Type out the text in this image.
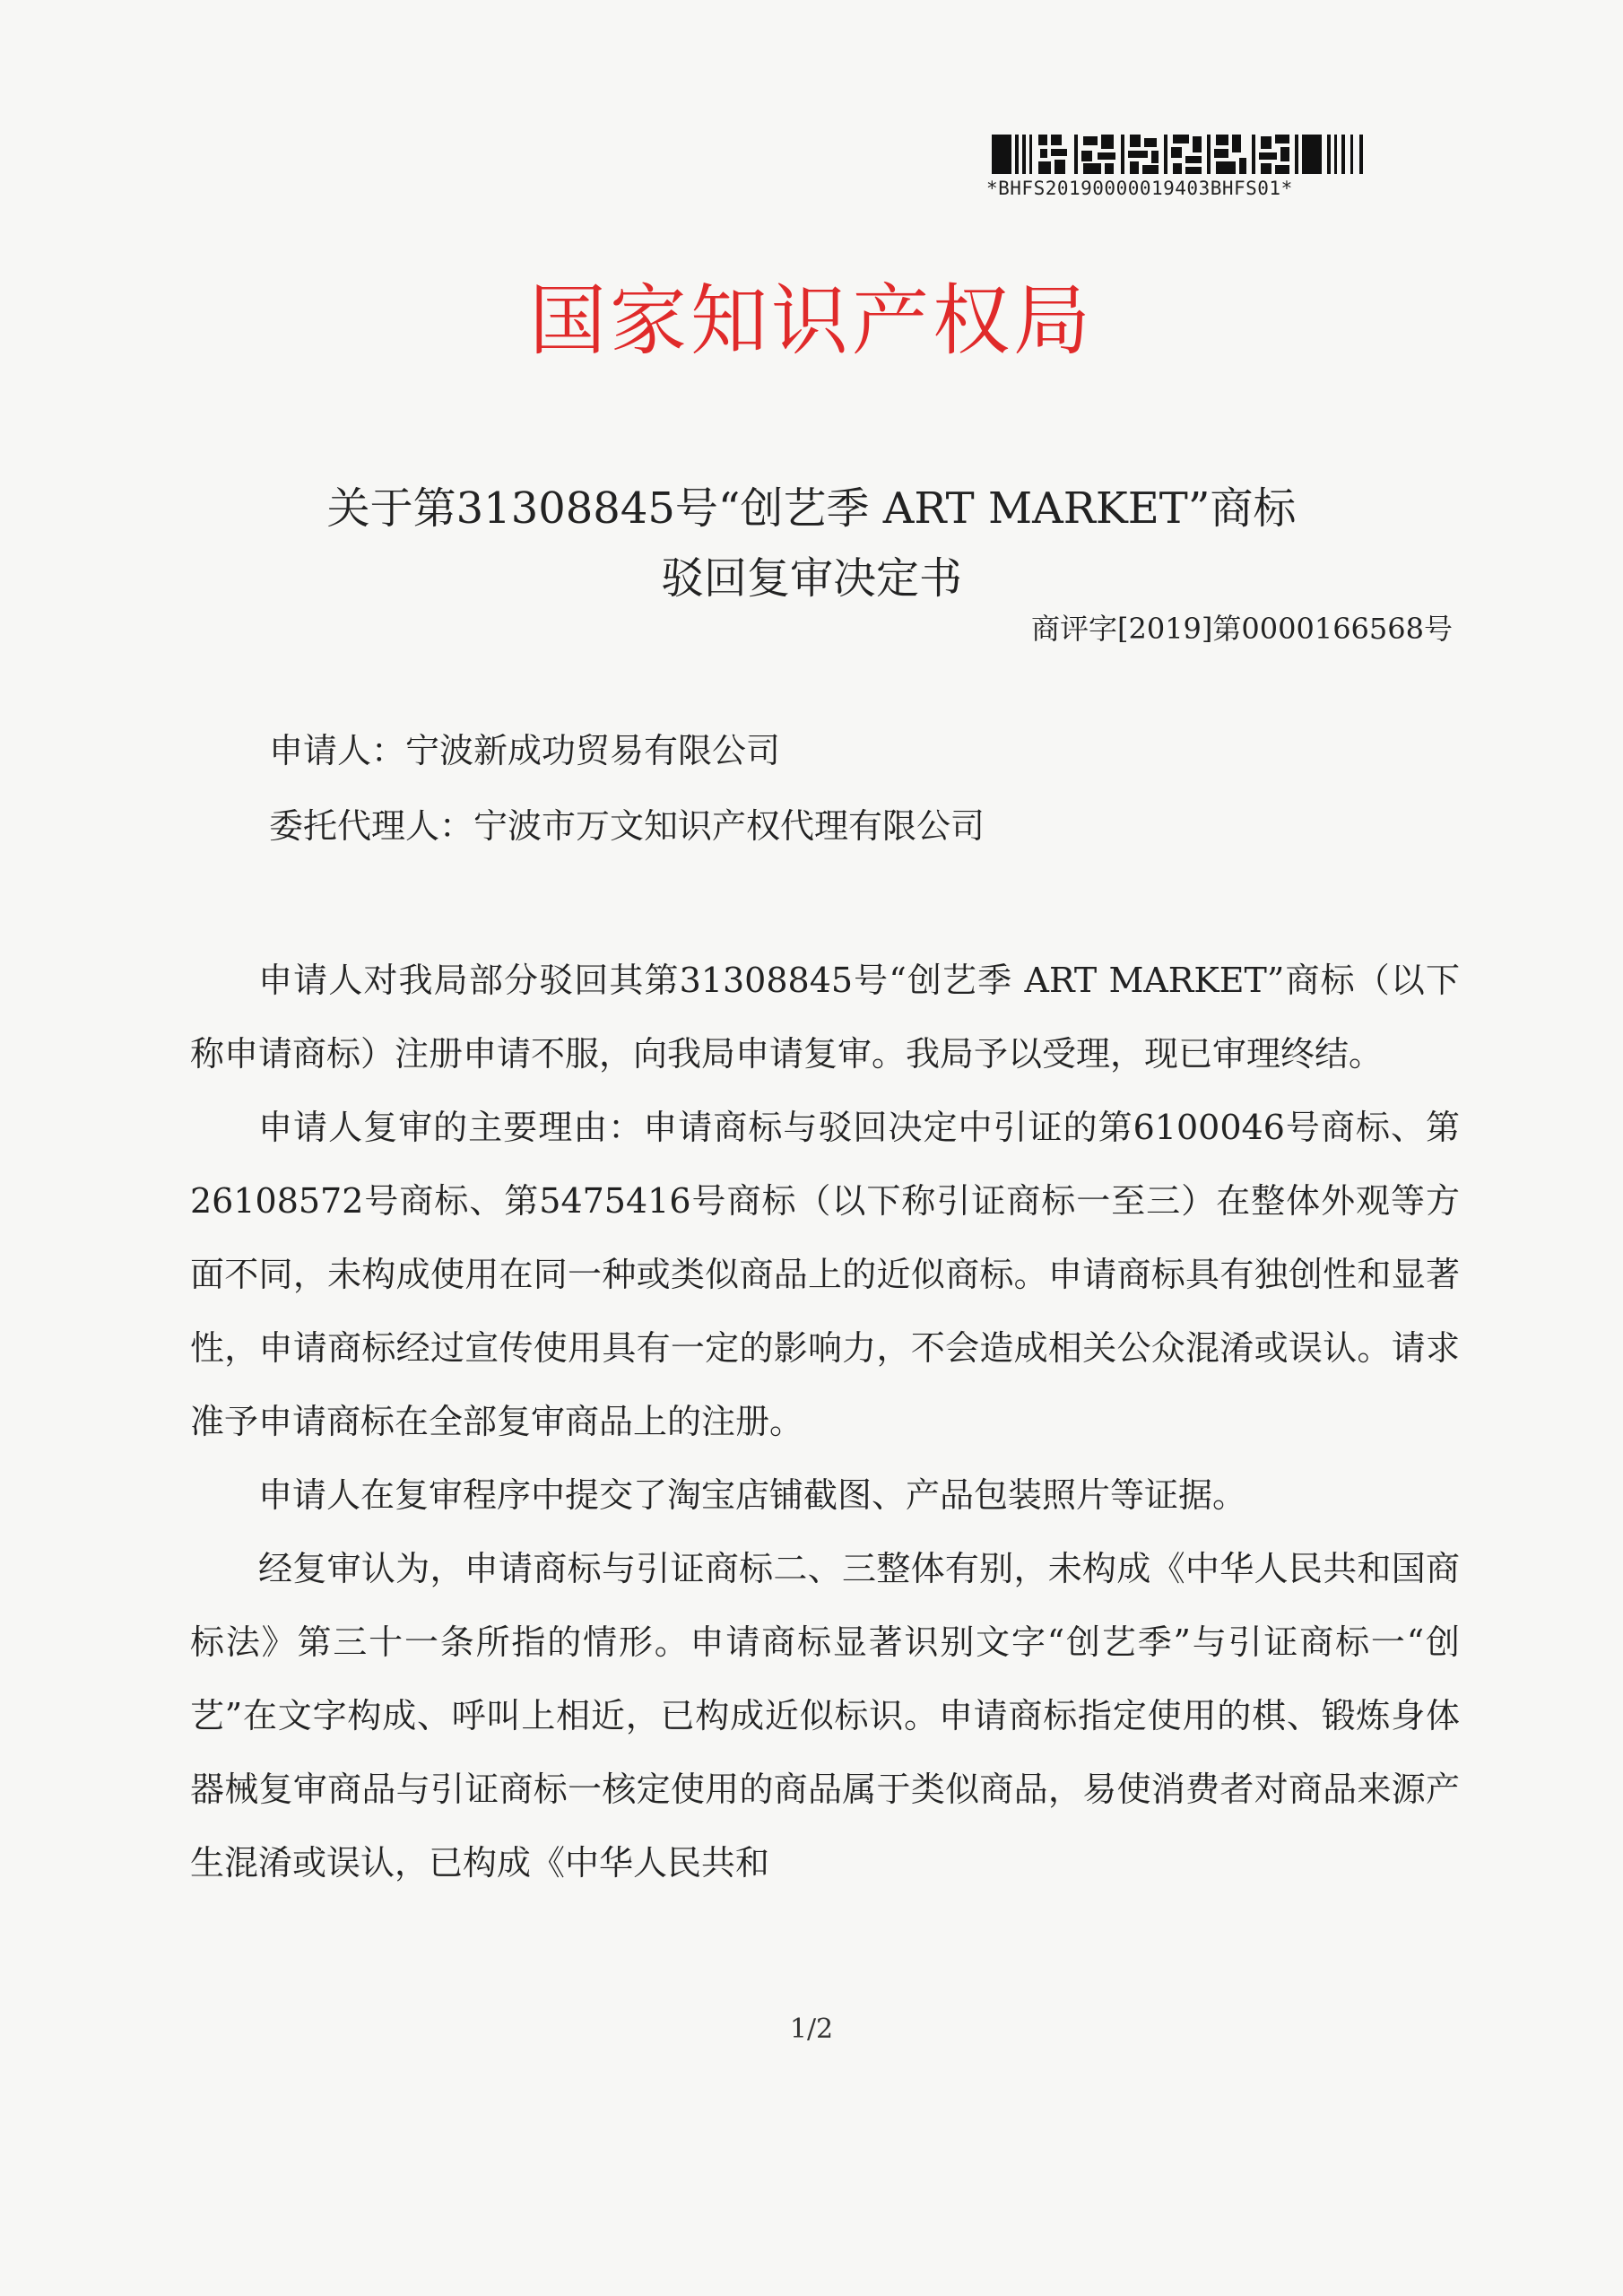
*BHFS20190000019403BHFS01*
国家知识产权局
关于第31308845号“创艺季 ART MARKET”商标
驳回复审决定书
商评字[2019]第0000166568号
申请人：宁波新成功贸易有限公司
委托代理人：宁波市万文知识产权代理有限公司

申请人对我局部分驳回其第31308845号“创艺季 ART MARKET”商标（以下称申请商标）注册申请不服，向我局申请复审。我局予以受理，现已审理终结。

申请人复审的主要理由：申请商标与驳回决定中引证的第6100046号商标、第26108572号商标、第5475416号商标（以下称引证商标一至三）在整体外观等方面不同，未构成使用在同一种或类似商品上的近似商标。申请商标具有独创性和显著性，申请商标经过宣传使用具有一定的影响力，不会造成相关公众混淆或误认。请求准予申请商标在全部复审商品上的注册。

申请人在复审程序中提交了淘宝店铺截图、产品包装照片等证据。

经复审认为，申请商标与引证商标二、三整体有别，未构成《中华人民共和国商标法》第三十一条所指的情形。申请商标显著识别文字“创艺季”与引证商标一“创艺”在文字构成、呼叫上相近，已构成近似标识。申请商标指定使用的棋、锻炼身体器械复审商品与引证商标一核定使用的商品属于类似商品，易使消费者对商品来源产生混淆或误认，已构成《中华人民共和

1/2
